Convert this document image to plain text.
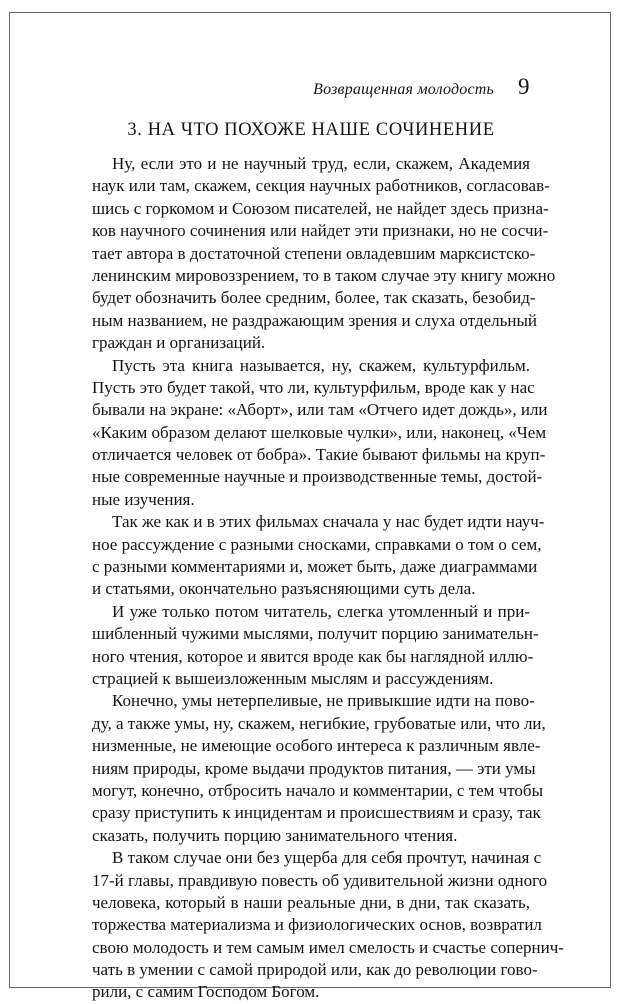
Возвращенная молодость 9
3. НА ЧТО ПОХОЖЕ НАШЕ СОЧИНЕНИЕ
Ну, если это и не научный труд, если, скажем, Академия
наук или там, скажем, секция научных работников, согласовав-
шись с горкомом и Союзом писателей, не найдет здесь призна-
ков научного сочинения или найдет эти признаки, но не сосчи-
тает автора в достаточной степени овладевшим марксистско-
ленинским мировоззрением, то в таком случае эту книгу можно
будет обозначить более средним, более, так сказать, безобид-
ным названием, не раздражающим зрения и слуха отдельный
граждан и организаций.
Пусть эта книга называется, ну, скажем, культурфильм.
Пусть это будет такой, что ли, культурфильм, вроде как у нас
бывали на экране: «Аборт», или там «Отчего идет дождь», или
«Каким образом делают шелковые чулки», или, наконец, «Чем
отличается человек от бобра». Такие бывают фильмы на круп-
ные современные научные и производственные темы, достой-
ные изучения.
Так же как и в этих фильмах сначала у нас будет идти науч-
ное рассуждение с разными сносками, справками о том о сем,
с разными комментариями и, может быть, даже диаграммами
и статьями, окончательно разъясняющими суть дела.
И уже только потом читатель, слегка утомленный и при-
шибленный чужими мыслями, получит порцию занимательн-
ного чтения, которое и явится вроде как бы наглядной иллю-
страцией к вышеизложенным мыслям и рассуждениям.
Конечно, умы нетерпеливые, не привыкшие идти на пово-
ду, а также умы, ну, скажем, негибкие, грубоватые или, что ли,
низменные, не имеющие особого интереса к различным явле-
ниям природы, кроме выдачи продуктов питания, — эти умы
могут, конечно, отбросить начало и комментарии, с тем чтобы
сразу приступить к инцидентам и происшествиям и сразу, так
сказать, получить порцию занимательного чтения.
В таком случае они без ущерба для себя прочтут, начиная с
17-й главы, правдивую повесть об удивительной жизни одного
человека, который в наши реальные дни, в дни, так сказать,
торжества материализма и физиологических основ, возвратил
свою молодость и тем самым имел смелость и счастье сопернич-
чать в умении с самой природой или, как до революции гово-
рили, с самим Господом Богом.
